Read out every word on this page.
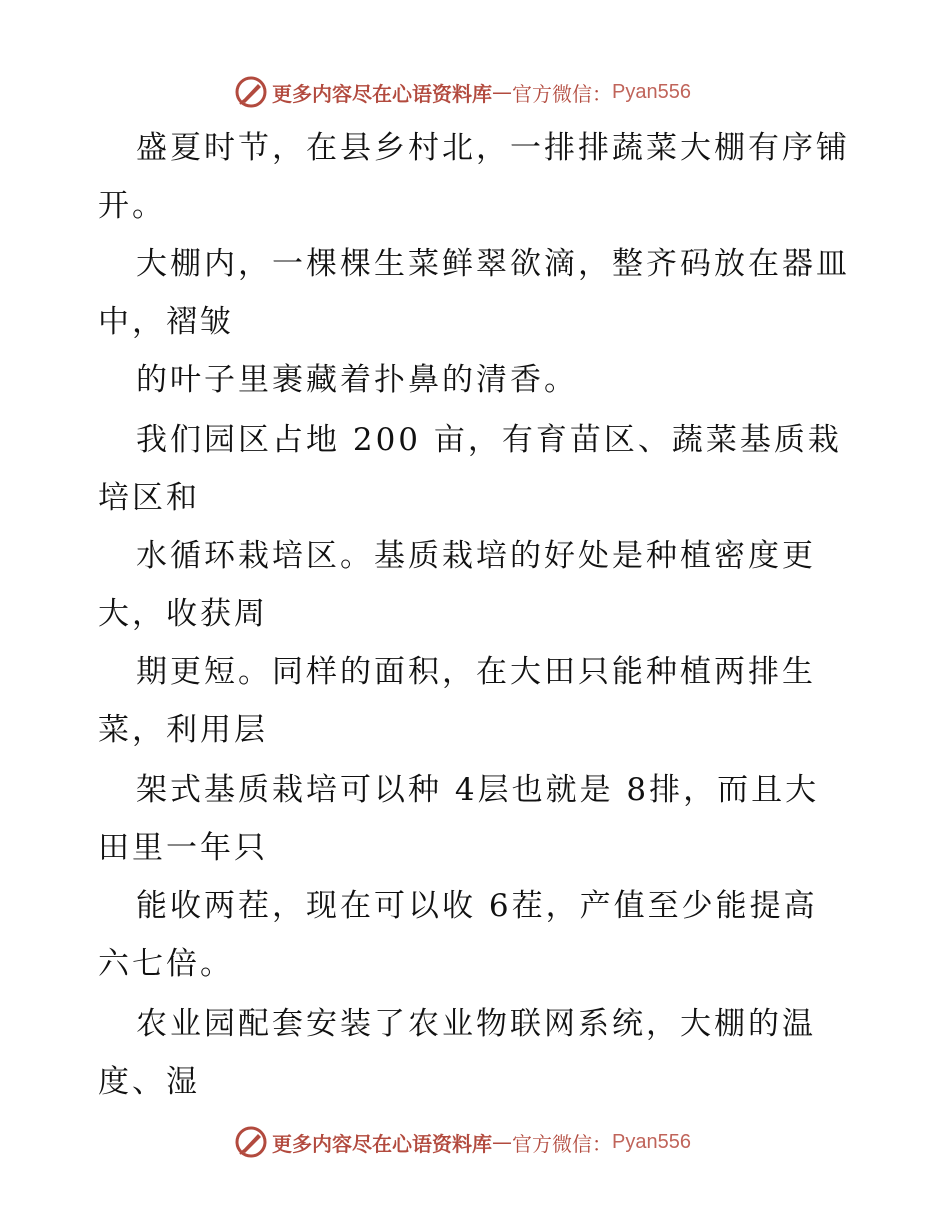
更多内容尽在心语资料库 — 官方微信： Pyan556
盛夏时节，在县乡村北，一排排蔬菜大棚有序铺
开。
大棚内，一棵棵生菜鲜翠欲滴，整齐码放在器皿
中，褶皱
的叶子里裹藏着扑鼻的清香。
我们园区占地 200 亩，有育苗区、蔬菜基质栽
培区和
水循环栽培区。基质栽培的好处是种植密度更
大，收获周
期更短。同样的面积，在大田只能种植两排生
菜，利用层
架式基质栽培可以种 4层也就是 8排，而且大
田里一年只
能收两茬，现在可以收 6茬，产值至少能提高
六七倍。
农业园配套安装了农业物联网系统，大棚的温
度、湿
更多内容尽在心语资料库 — 官方微信： Pyan556
